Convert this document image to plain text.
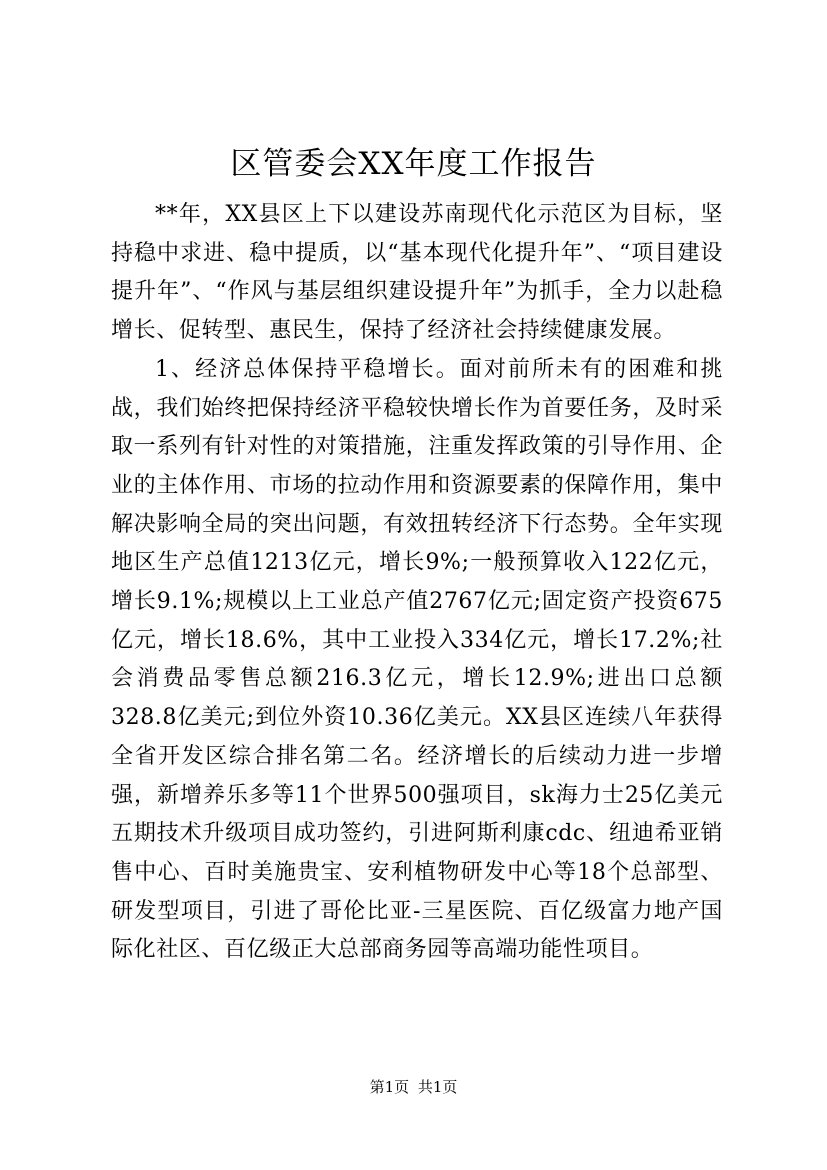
区管委会XX年度工作报告

**年，XX县区上下以建设苏南现代化示范区为目标，坚持稳中求进、稳中提质，以“基本现代化提升年”、“项目建设提升年”、“作风与基层组织建设提升年”为抓手，全力以赴稳增长、促转型、惠民生，保持了经济社会持续健康发展。

1、经济总体保持平稳增长。面对前所未有的困难和挑战，我们始终把保持经济平稳较快增长作为首要任务，及时采取一系列有针对性的对策措施，注重发挥政策的引导作用、企业的主体作用、市场的拉动作用和资源要素的保障作用，集中解决影响全局的突出问题，有效扭转经济下行态势。全年实现地区生产总值1213亿元，增长9%;一般预算收入122亿元，增长9.1%;规模以上工业总产值2767亿元;固定资产投资675亿元，增长18.6%，其中工业投入334亿元，增长17.2%;社会消费品零售总额216.3亿元，增长12.9%;进出口总额328.8亿美元;到位外资10.36亿美元。XX县区连续八年获得全省开发区综合排名第二名。经济增长的后续动力进一步增强，新增养乐多等11个世界500强项目，sk海力士25亿美元五期技术升级项目成功签约，引进阿斯利康cdc、纽迪希亚销售中心、百时美施贵宝、安利植物研发中心等18个总部型、研发型项目，引进了哥伦比亚-三星医院、百亿级富力地产国际化社区、百亿级正大总部商务园等高端功能性项目。

第1页 共1页
